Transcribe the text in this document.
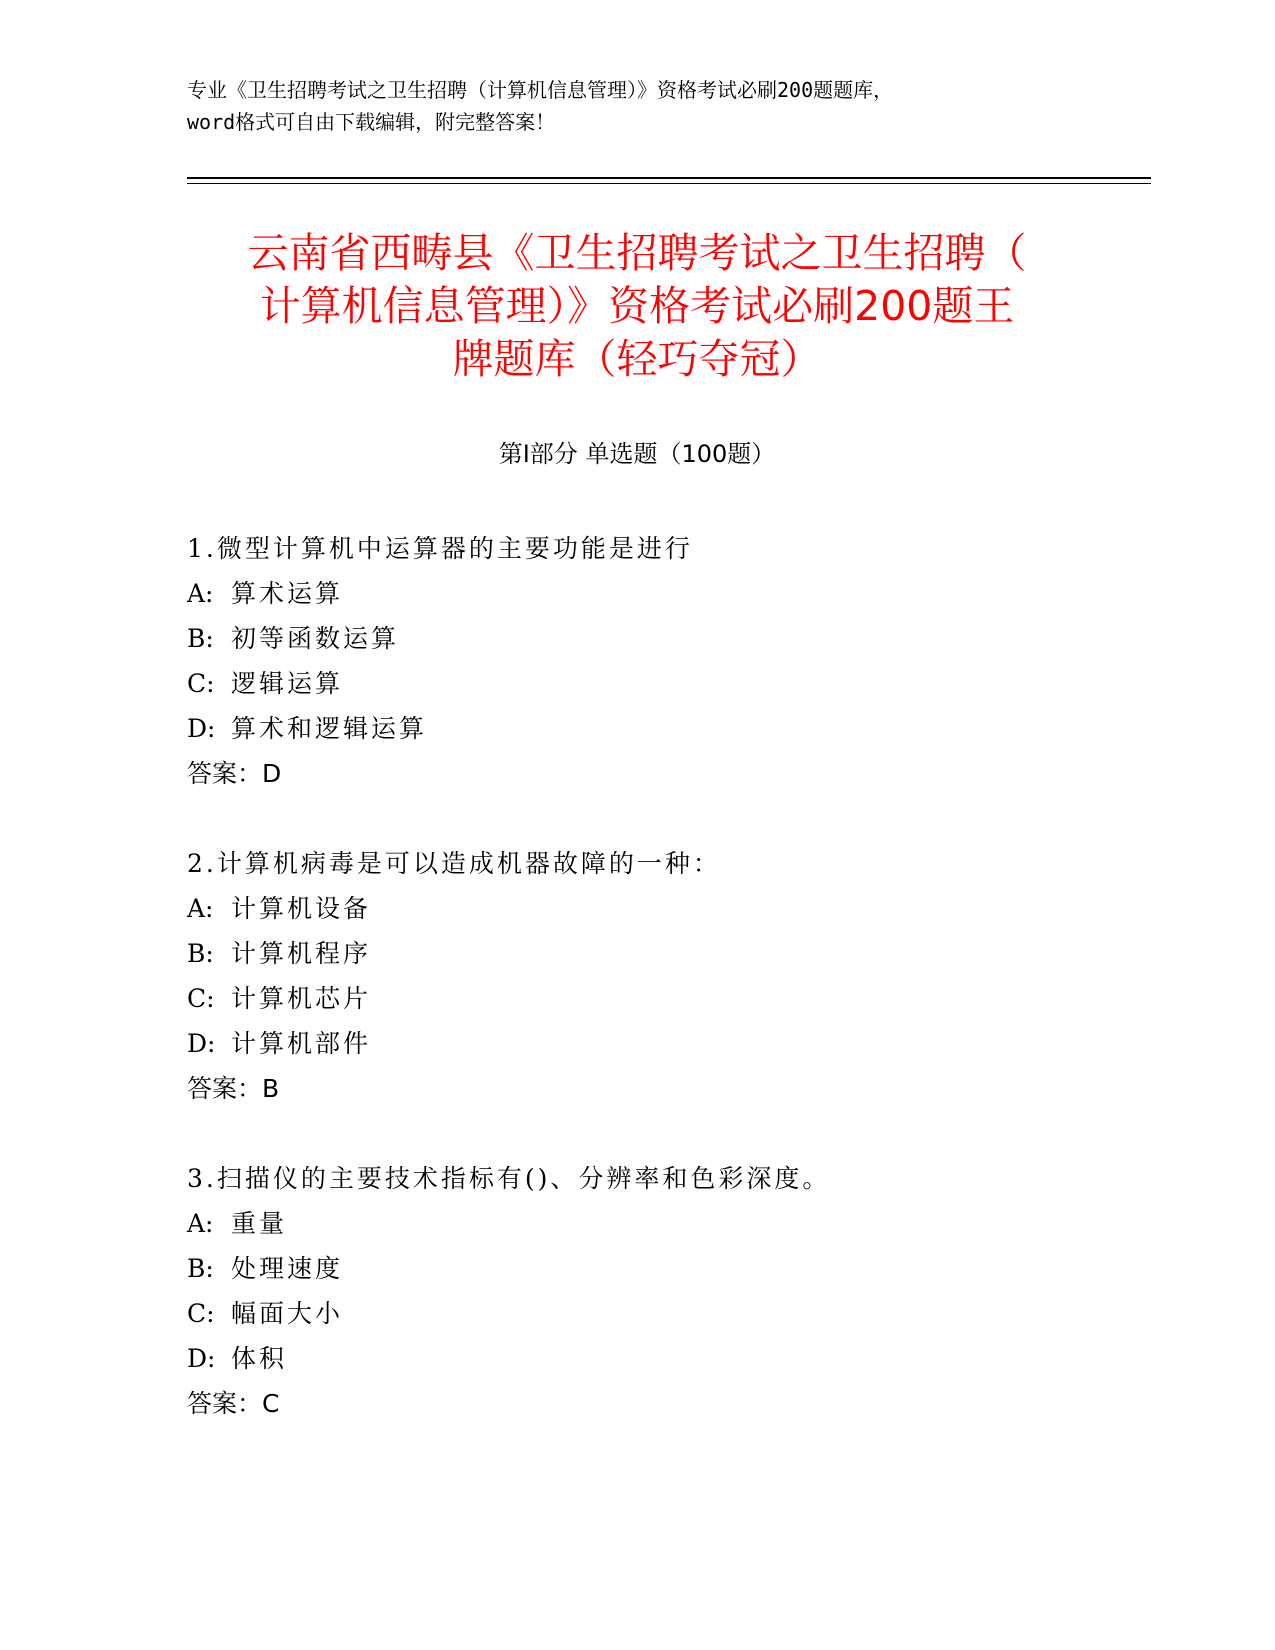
专业《卫生招聘考试之卫生招聘（计算机信息管理）》资格考试必刷200题题库，
word格式可自由下载编辑，附完整答案！
云南省西畴县《卫生招聘考试之卫生招聘（
计算机信息管理）》资格考试必刷200题王
牌题库（轻巧夺冠）
第Ⅰ部分 单选题（100题）
1.微型计算机中运算器的主要功能是进行
A: 算术运算
B: 初等函数运算
C: 逻辑运算
D: 算术和逻辑运算
答案：D
2.计算机病毒是可以造成机器故障的一种：
A: 计算机设备
B: 计算机程序
C: 计算机芯片
D: 计算机部件
答案：B
3.扫描仪的主要技术指标有()、分辨率和色彩深度。
A: 重量
B: 处理速度
C: 幅面大小
D: 体积
答案：C
